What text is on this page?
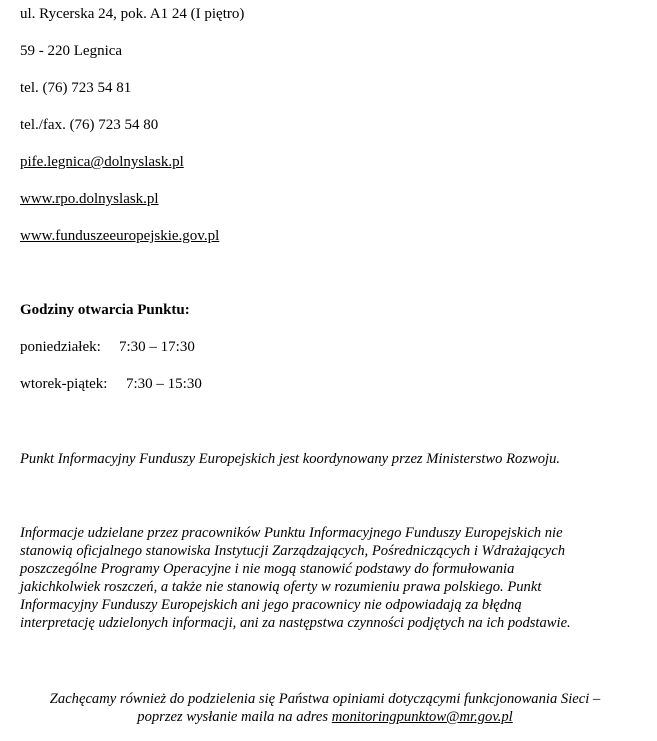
ul. Rycerska 24, pok. A1 24 (I piętro)
59 - 220 Legnica
tel. (76) 723 54 81
tel./fax. (76) 723 54 80
pife.legnica@dolnyslask.pl
www.rpo.dolnyslask.pl
www.funduszeeuropejskie.gov.pl
Godziny otwarcia Punktu:
poniedziałek: 7:30 – 17:30
wtorek-piątek: 7:30 – 15:30
Punkt Informacyjny Funduszy Europejskich jest koordynowany przez Ministerstwo Rozwoju.
Informacje udzielane przez pracowników Punktu Informacyjnego Funduszy Europejskich nie
stanowią oficjalnego stanowiska Instytucji Zarządzających, Pośredniczących i Wdrażających
poszczególne Programy Operacyjne i nie mogą stanowić podstawy do formułowania
jakichkolwiek roszczeń, a także nie stanowią oferty w rozumieniu prawa polskiego. Punkt
Informacyjny Funduszy Europejskich ani jego pracownicy nie odpowiadają za błędną
interpretację udzielonych informacji, ani za następstwa czynności podjętych na ich podstawie.
Zachęcamy również do podzielenia się Państwa opiniami dotyczącymi funkcjonowania Sieci –
poprzez wysłanie maila na adres monitoringpunktow@mr.gov.pl
